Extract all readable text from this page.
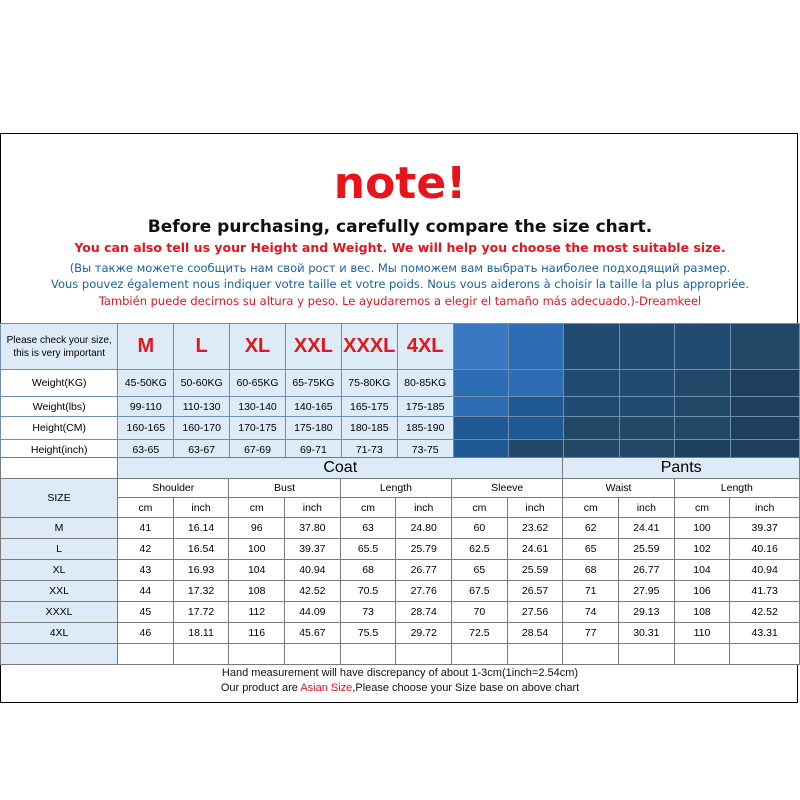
note!
Before purchasing, carefully compare the size chart.
You can also tell us your Height and Weight. We will help you choose the most suitable size.
(Вы также можете сообщить нам свой рост и вес. Мы поможем вам выбрать наиболее подходящий размер.
Vous pouvez également nous indiquer votre taille et votre poids. Nous vous aiderons à choisir la taille la plus appropriée.
También puede decirnos su altura y peso. Le ayudaremos a elegir el tamaño más adecuado.)-Dreamkeel
Please check your size,
this is very important	M	L	XL	XXL	XXXL	4XL						
Weight(KG)	45-50KG	50-60KG	60-65KG	65-75KG	75-80KG	80-85KG						
Weight(lbs)	99-110	110-130	130-140	140-165	165-175	175-185						
Height(CM)	160-165	160-170	170-175	175-180	180-185	185-190						
Height(inch)	63-65	63-67	67-69	69-71	71-73	73-75						
	Coat								Pants			
SIZE	Shoulder		Bust		Length		Sleeve		Waist		Length	
	cm	inch	cm	inch	cm	inch	cm	inch	cm	inch	cm	inch
M	41	16.14	96	37.80	63	24.80	60	23.62	62	24.41	100	39.37
L	42	16.54	100	39.37	65.5	25.79	62.5	24.61	65	25.59	102	40.16
XL	43	16.93	104	40.94	68	26.77	65	25.59	68	26.77	104	40.94
XXL	44	17.32	108	42.52	70.5	27.76	67.5	26.57	71	27.95	106	41.73
XXXL	45	17.72	112	44.09	73	28.74	70	27.56	74	29.13	108	42.52
4XL	46	18.11	116	45.67	75.5	29.72	72.5	28.54	77	30.31	110	43.31

Hand measurement will have discrepancy of about 1-3cm(1inch=2.54cm)
Our product are Asian Size,Please choose your Size base on above chart
